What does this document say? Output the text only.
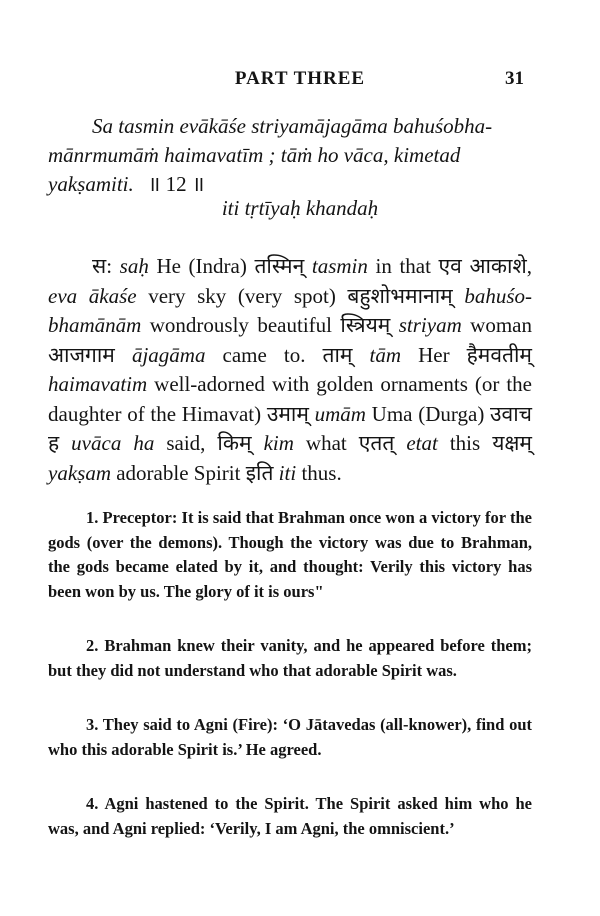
PART THREE	31
Sa tasmin evākāśe striyamājagāma bahuśobha-
mānrmumāṁ haimavatīm ; tāṁ ho vāca, kimetad
yakṣamiti. ॥ 12 ॥
iti tṛtīyaḥ khandaḥ

स: saḥ He (Indra) तस्मिन् tasmin in that एव आकाशे, eva ākaśe very sky (very spot) बहुशोभमानाम् bahuśo-bhamānām wondrously beautiful स्त्रियम् striyam woman आजगाम ājagāma came to. ताम् tām Her हैमवतीम् haimavatim well-adorned with golden ornaments (or the daughter of the Himavat) उमाम् umām Uma (Durga) उवाच ह uvāca ha said, किम् kim what एतत् etat this यक्षम् yakṣam adorable Spirit इति iti thus.

1. Preceptor: It is said that Brahman once won a victory for the gods (over the demons). Though the victory was due to Brahman, the gods became elated by it, and thought: Verily this victory has been won by us. The glory of it is ours"

2. Brahman knew their vanity, and he appeared before them; but they did not understand who that adorable Spirit was.

3. They said to Agni (Fire): ‘O Jātavedas (all-knower), find out who this adorable Spirit is.’ He agreed.

4. Agni hastened to the Spirit. The Spirit asked him who he was, and Agni replied: ‘Verily, I am Agni, the omniscient.’
